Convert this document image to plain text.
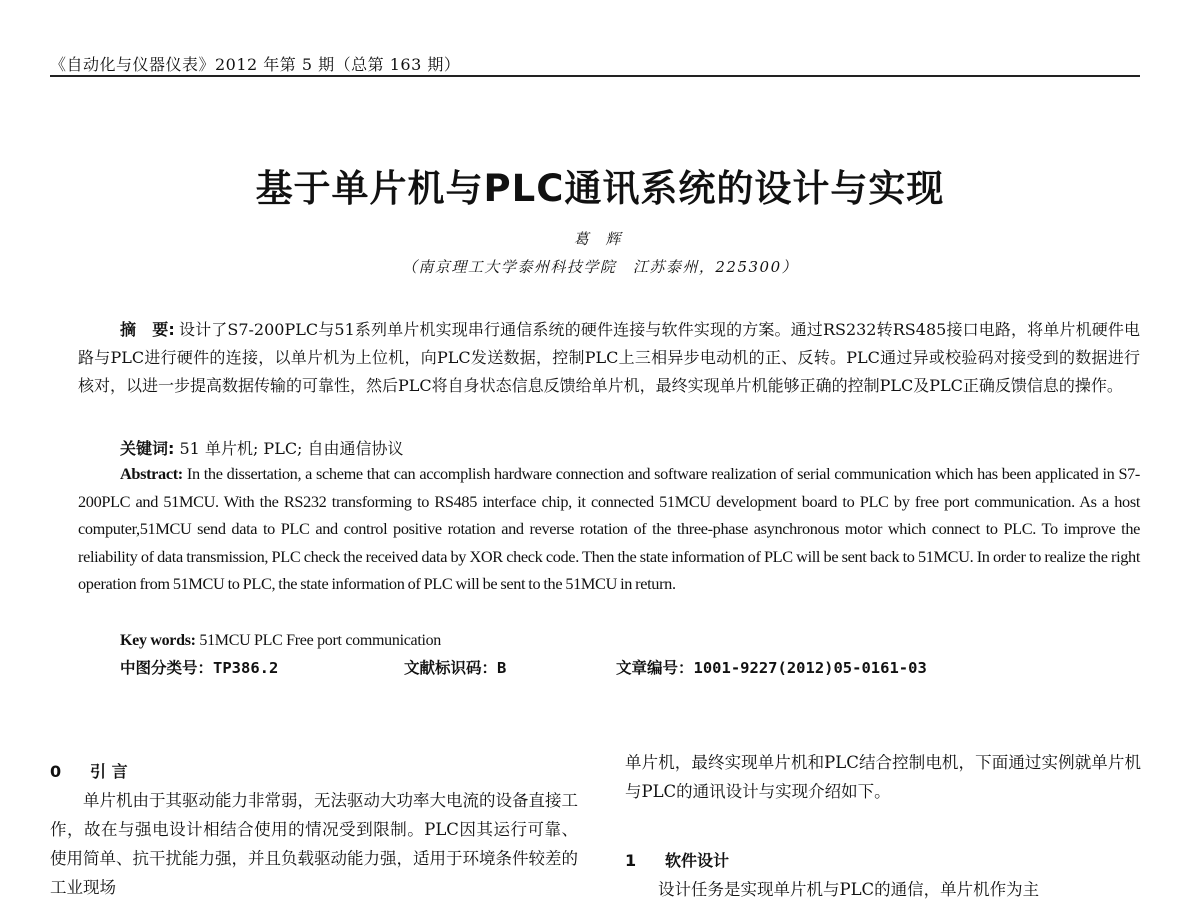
《自动化与仪器仪表》2012 年第 5 期（总第 163 期）
基于单片机与PLC通讯系统的设计与实现
葛 辉
（南京理工大学泰州科技学院　江苏泰州，225300）
摘　要: 设计了S7-200PLC与51系列单片机实现串行通信系统的硬件连接与软件实现的方案。通过RS232转RS485接口电路，将单片机硬件电路与PLC进行硬件的连接，以单片机为上位机，向PLC发送数据，控制PLC上三相异步电动机的正、反转。PLC通过异或校验码对接受到的数据进行核对，以进一步提高数据传输的可靠性，然后PLC将自身状态信息反馈给单片机，最终实现单片机能够正确的控制PLC及PLC正确反馈信息的操作。
关键词: 51 单片机; PLC; 自由通信协议
Abstract: In the dissertation, a scheme that can accomplish hardware connection and software realization of serial communication which has been applicated in S7-200PLC and 51MCU. With the RS232 transforming to RS485 interface chip, it connected 51MCU development board to PLC by free port communication. As a host computer,51MCU send data to PLC and control positive rotation and reverse rotation of the three-phase asynchronous motor which connect to PLC. To improve the reliability of data transmission, PLC check the received data by XOR check code. Then the state information of PLC will be sent back to 51MCU. In order to realize the right operation from 51MCU to PLC, the state information of PLC will be sent to the 51MCU in return.
Key words: 51MCU PLC Free port communication
中图分类号：TP386.2	文献标识码：B	文章编号：1001-9227(2012)05-0161-03
0 引 言

单片机由于其驱动能力非常弱，无法驱动大功率大电流的设备直接工作，故在与强电设计相结合使用的情况受到限制。PLC因其运行可靠、使用简单、抗干扰能力强，并且负载驱动能力强，适用于环境条件较差的工业现场

单片机，最终实现单片机和PLC结合控制电机，下面通过实例就单片机与PLC的通讯设计与实现介绍如下。

1 软件设计

设计任务是实现单片机与PLC的通信，单片机作为主
